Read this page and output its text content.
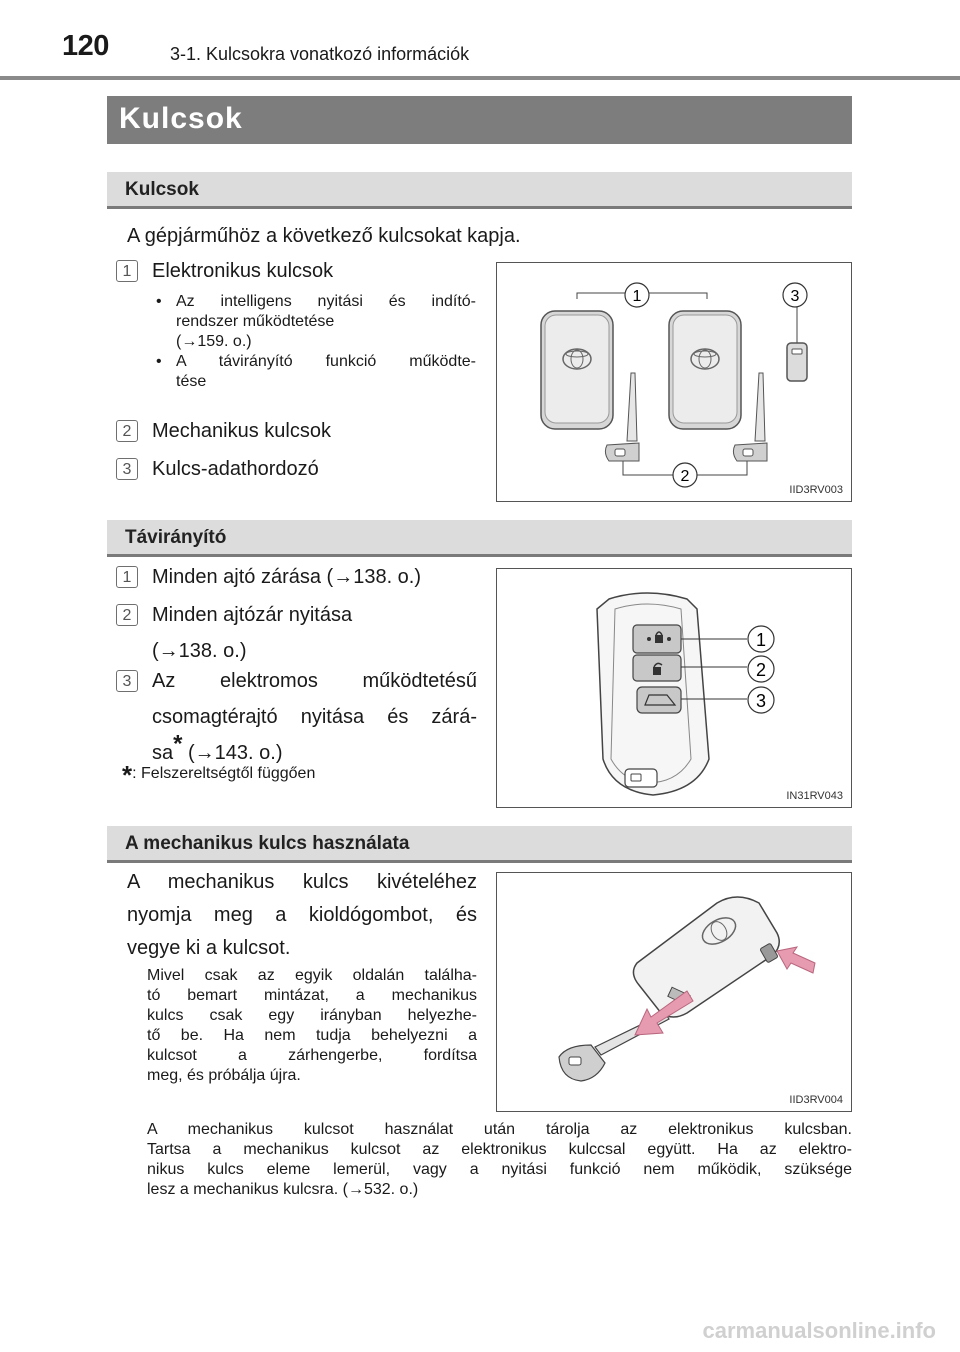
120	3-1. Kulcsokra vonatkozó információk
Kulcsok
Kulcsok
A gépjárműhöz a következő kulcsokat kapja.
1	Elektronikus kulcsok
• Az intelligens nyitási és indító-
rendszer működtetése
(→159. o.)
• A távirányító funkció működte-
tése
2	Mechanikus kulcsok
3	Kulcs-adathordozó
1
2
3
IID3RV003
Távirányító
1	Minden ajtó zárása (→138. o.)
2	Minden ajtózár nyitása
(→138. o.)
3	Az elektromos működtetésű
csomagtérajtó nyitása és zárá-
sa* (→143. o.)
*: Felszereltségtől függően
1
2
3
IN31RV043
A mechanikus kulcs használata
A mechanikus kulcs kivételéhez
nyomja meg a kioldógombot, és
vegye ki a kulcsot.
Mivel csak az egyik oldalán találha-
tó bemart mintázat, a mechanikus
kulcs csak egy irányban helyezhe-
tő be. Ha nem tudja behelyezni a
kulcsot a zárhengerbe, fordítsa
meg, és próbálja újra.
A mechanikus kulcsot használat után tárolja az elektronikus kulcsban.
Tartsa a mechanikus kulcsot az elektronikus kulccsal együtt. Ha az elektro-
nikus kulcs eleme lemerül, vagy a nyitási funkció nem működik, szüksége
lesz a mechanikus kulcsra. (→532. o.)
IID3RV004
carmanualsonline.info
